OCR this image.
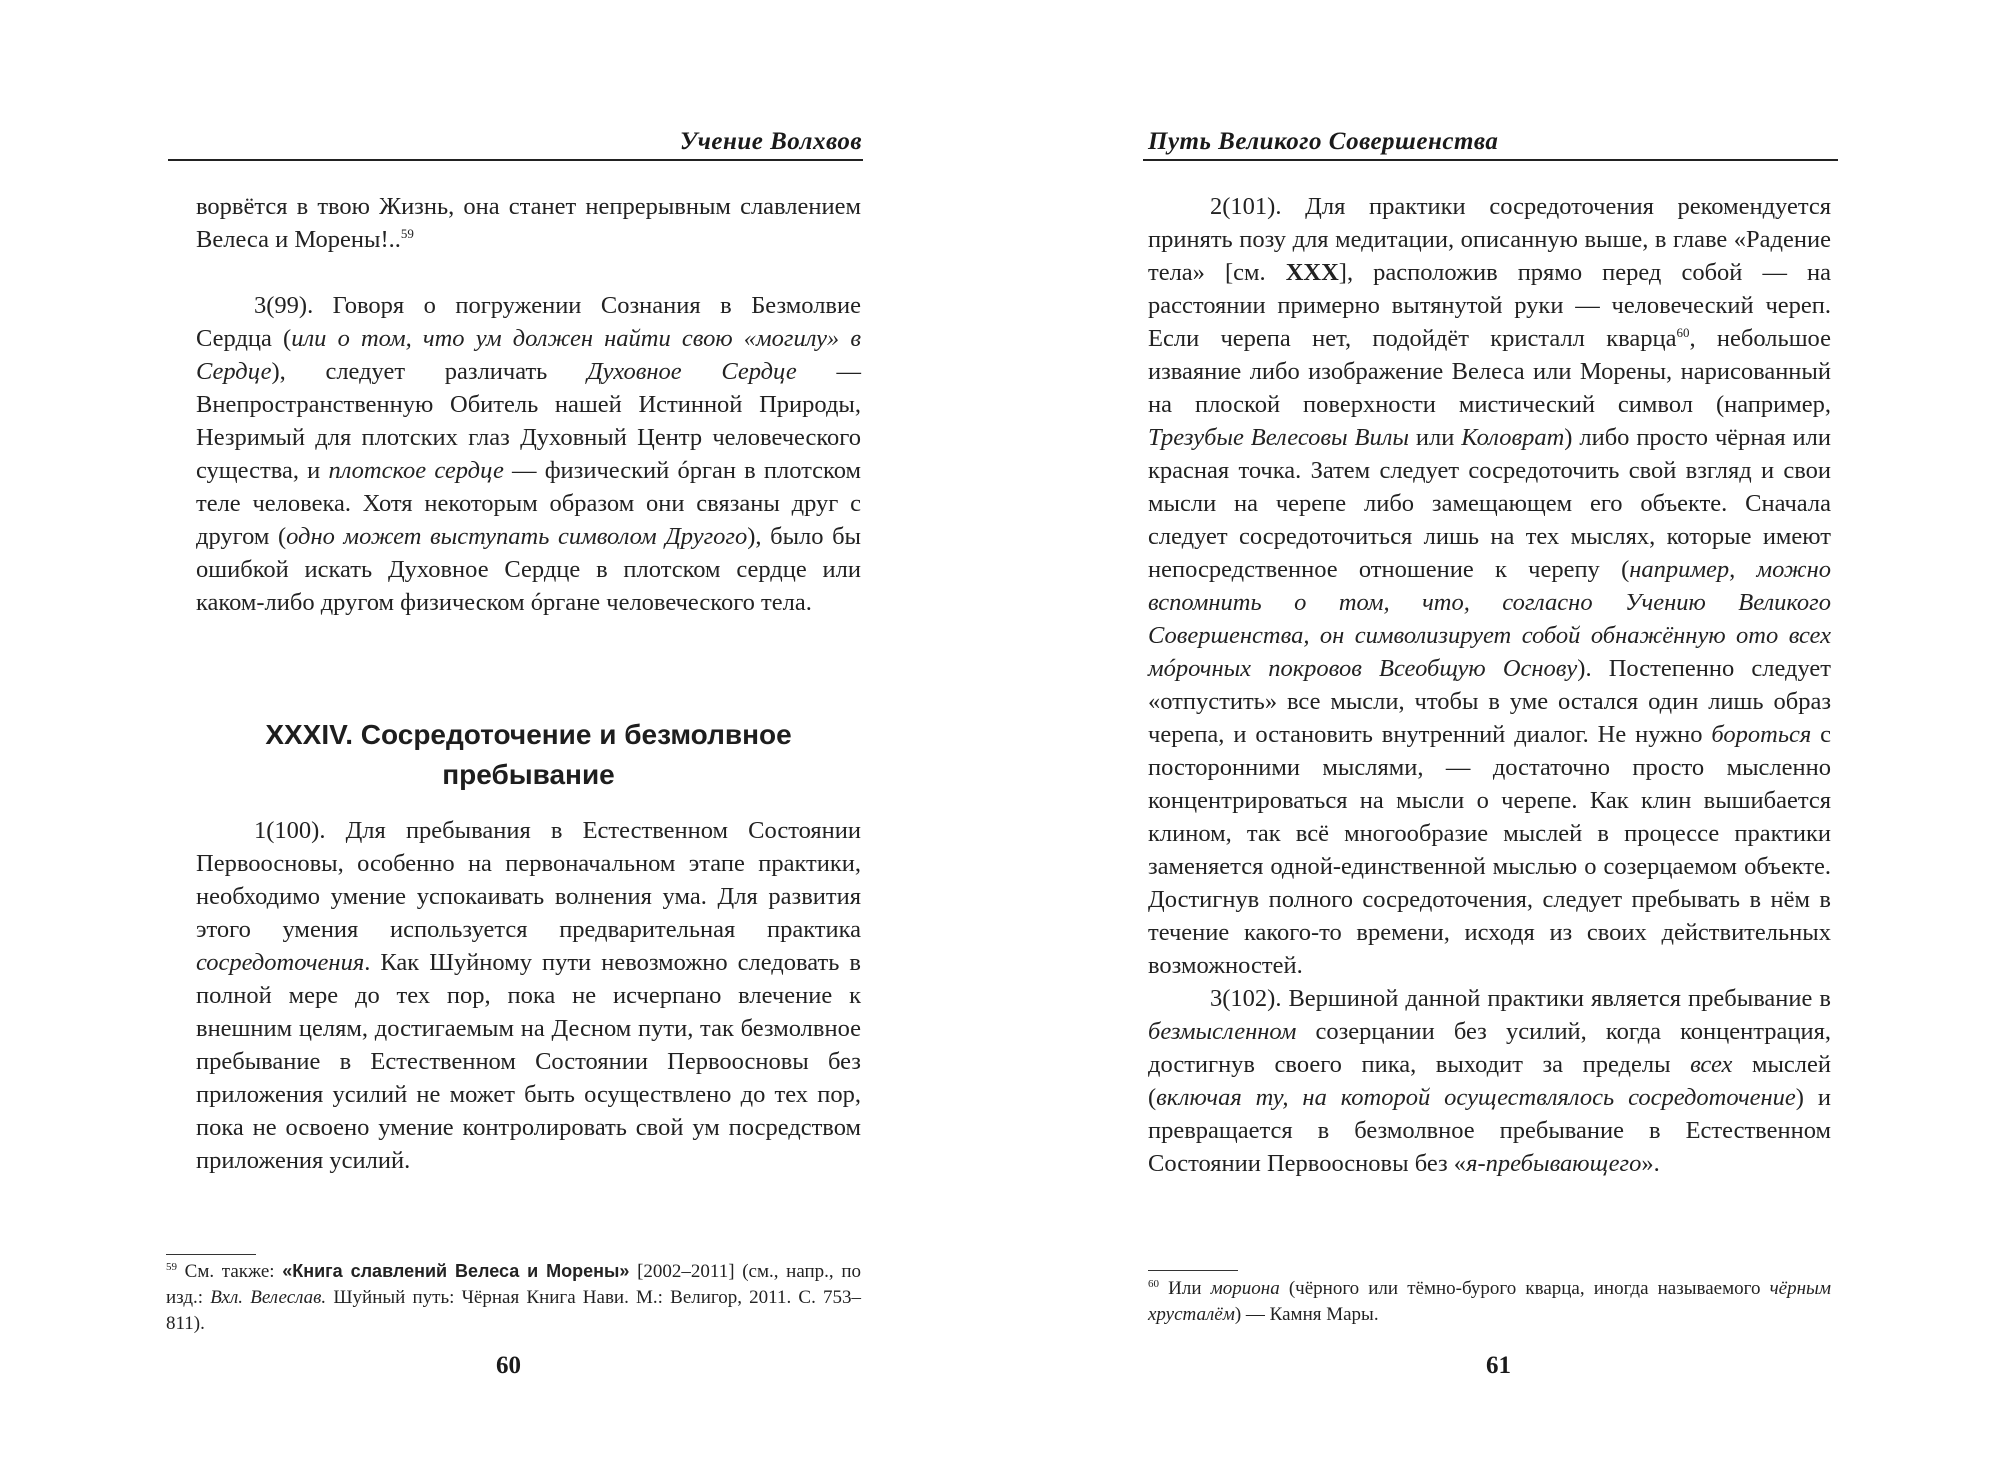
Учение Волхвов

ворвётся в твою Жизнь, она станет непрерывным славлением Велеса и Морены!..$^{59}$

3(99). Говоря о погружении Сознания в Безмолвие Сердца (или о том, что ум должен найти свою «могилу» в Сердце), следует различать Духовное Сердце — Внепространственную Обитель нашей Истинной Природы, Незримый для плотских глаз Духовный Центр человеческого существа, и плотское сердце — физический óрган в плотском теле человека. Хотя некоторым образом они связаны друг с другом (одно может выступать символом Другого), было бы ошибкой искать Духовное Сердце в плотском сердце или каком-либо другом физическом óргане человеческого тела.

XXXIV. Сосредоточение и безмолвное пребывание

1(100). Для пребывания в Естественном Состоянии Первоосновы, особенно на первоначальном этапе практики, необходимо умение успокаивать волнения ума. Для развития этого умения используется предварительная практика сосредоточения. Как Шуйному пути невозможно следовать в полной мере до тех пор, пока не исчерпано влечение к внешним целям, достигаемым на Десном пути, так безмолвное пребывание в Естественном Состоянии Первоосновы без приложения усилий не может быть осуществлено до тех пор, пока не освоено умение контролировать свой ум посредством приложения усилий.

$^{59}$ См. также: «Книга славлений Велеса и Морены» [2002–2011] (см., напр., по изд.: Вхл. Велеслав. Шуйный путь: Чёрная Книга Нави. М.: Велигор, 2011. С. 753–811).
60
Путь Великого Совершенства

2(101). Для практики сосредоточения рекомендуется принять позу для медитации, описанную выше, в главе «Радение тела» [см. XXX], расположив прямо перед собой — на расстоянии примерно вытянутой руки — человеческий череп. Если черепа нет, подойдёт кристалл кварца$^{60}$, небольшое изваяние либо изображение Велеса или Морены, нарисованный на плоской поверхности мистический символ (например, Трезубые Велесовы Вилы или Коловрат) либо просто чёрная или красная точка. Затем следует сосредоточить свой взгляд и свои мысли на черепе либо замещающем его объекте. Сначала следует сосредоточиться лишь на тех мыслях, которые имеют непосредственное отношение к черепу (например, можно вспомнить о том, что, согласно Учению Великого Совершенства, он символизирует собой обнажённую ото всех мóрочных покровов Всеобщую Основу). Постепенно следует «отпустить» все мысли, чтобы в уме остался один лишь образ черепа, и остановить внутренний диалог. Не нужно бороться с посторонними мыслями, — достаточно просто мысленно концентрироваться на мысли о черепе. Как клин вышибается клином, так всё многообразие мыслей в процессе практики заменяется одной-единственной мыслью о созерцаемом объекте. Достигнув полного сосредоточения, следует пребывать в нём в течение какого-то времени, исходя из своих действительных возможностей.

3(102). Вершиной данной практики является пребывание в безмысленном созерцании без усилий, когда концентрация, достигнув своего пика, выходит за пределы всех мыслей (включая ту, на которой осуществлялось сосредоточение) и превращается в безмолвное пребывание в Естественном Состоянии Первоосновы без «я-пребывающего».

$^{60}$ Или мориона (чёрного или тёмно-бурого кварца, иногда называемого чёрным хрусталём) — Камня Мары.
61
